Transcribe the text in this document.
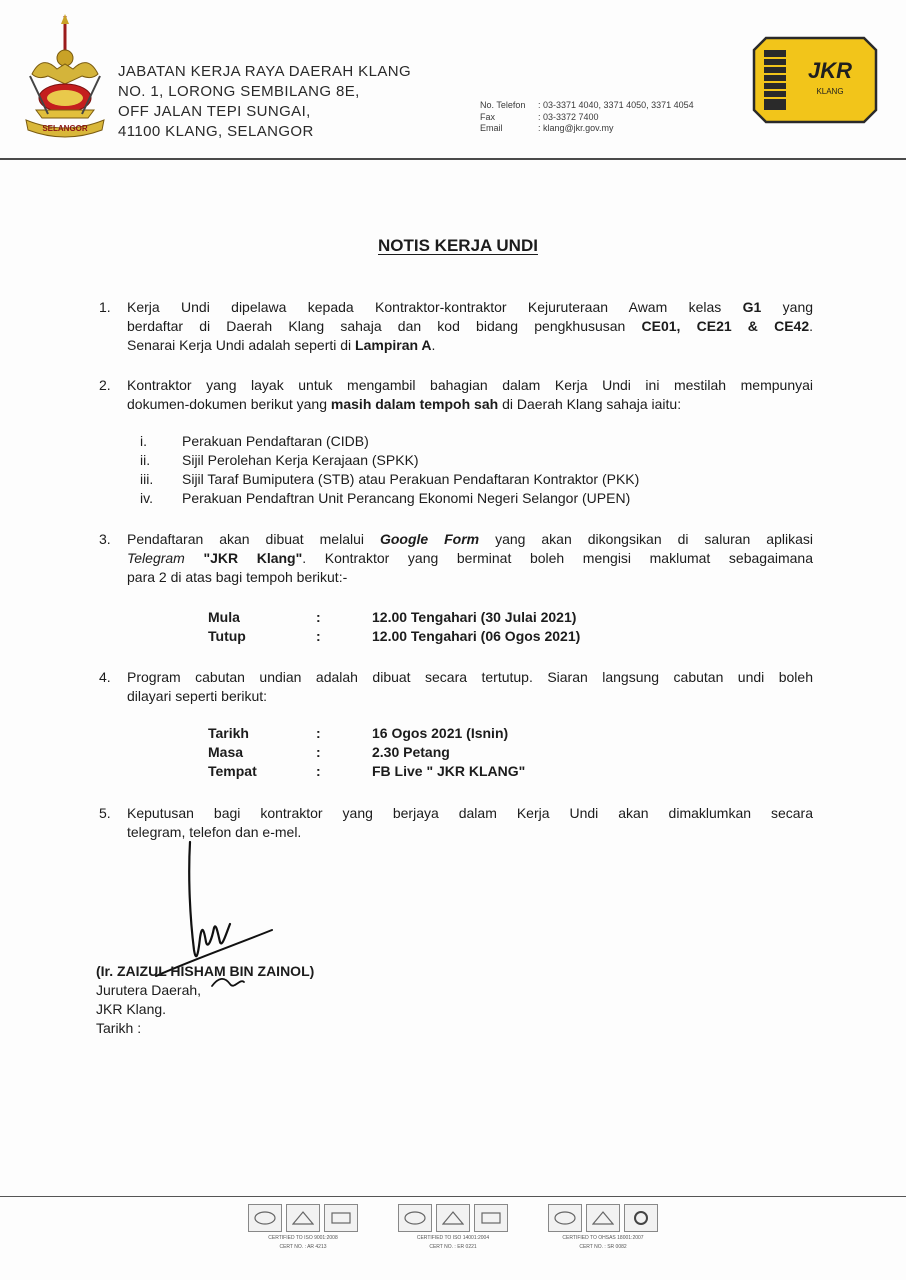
SELANGOR
JABATAN KERJA RAYA DAERAH KLANG
NO. 1, LORONG SEMBILANG 8E,
OFF JALAN TEPI SUNGAI,
41100 KLANG, SELANGOR
No. Telefon	: 03-3371 4040, 3371 4050, 3371 4054
Fax	: 03-3372 7400
Email	: klang@jkr.gov.my
JKR
KLANG
NOTIS KERJA UNDI
1.	Kerja Undi dipelawa kepada Kontraktor-kontraktor Kejuruteraan Awam kelas G1 yang
berdaftar di Daerah Klang sahaja dan kod bidang pengkhususan CE01, CE21 & CE42.
Senarai Kerja Undi adalah seperti di Lampiran A.
2.	Kontraktor yang layak untuk mengambil bahagian dalam Kerja Undi ini mestilah mempunyai
dokumen-dokumen berikut yang masih dalam tempoh sah di Daerah Klang sahaja iaitu:
i.	Perakuan Pendaftaran (CIDB)
ii.	Sijil Perolehan Kerja Kerajaan (SPKK)
iii.	Sijil Taraf Bumiputera (STB) atau Perakuan Pendaftaran Kontraktor (PKK)
iv.	Perakuan Pendaftran Unit Perancang Ekonomi Negeri Selangor (UPEN)
3.	Pendaftaran akan dibuat melalui Google Form yang akan dikongsikan di saluran aplikasi
Telegram "JKR Klang". Kontraktor yang berminat boleh mengisi maklumat sebagaimana
para 2 di atas bagi tempoh berikut:-
Mula	:	12.00 Tengahari (30 Julai 2021)
Tutup	:	12.00 Tengahari (06 Ogos 2021)
4.	Program cabutan undian adalah dibuat secara tertutup. Siaran langsung cabutan undi boleh
dilayari seperti berikut:
Tarikh	:	16 Ogos 2021 (Isnin)
Masa	:	2.30 Petang
Tempat	:	FB Live " JKR KLANG"
5.	Keputusan bagi kontraktor yang berjaya dalam Kerja Undi akan dimaklumkan secara
telegram, telefon dan e-mel.
(Ir. ZAIZUL HISHAM BIN ZAINOL)
Jurutera Daerah,
JKR Klang.
Tarikh :
CERTIFIED TO ISO 9001:2008
CERT NO. : AR 4213
CERTIFIED TO ISO 14001:2004
CERT NO. : ER 0221
CERTIFIED TO OHSAS 18001:2007
CERT NO. : SR 0082
